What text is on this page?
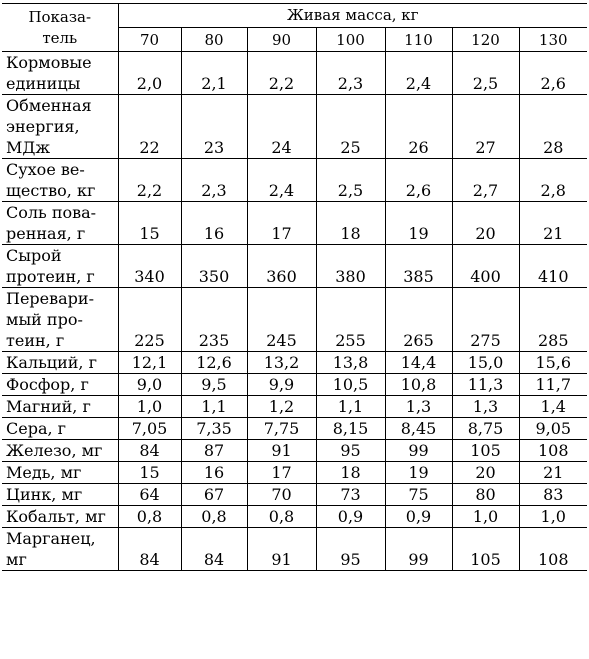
Показа-
тель	Живая масса, кг						
	70	80	90	100	110	120	130

Кормовые
единицы	2,0	2,1	2,2	2,3	2,4	2,5	2,6

Обменная
энергия,
МДж	22	23	24	25	26	27	28

Сухое ве-
щество, кг	2,2	2,3	2,4	2,5	2,6	2,7	2,8

Соль пова-
ренная, г	15	16	17	18	19	20	21

Сырой
протеин, г	340	350	360	380	385	400	410

Перевари-
мый про-
теин, г	225	235	245	255	265	275	285

Кальций, г	12,1	12,6	13,2	13,8	14,4	15,0	15,6

Фосфор, г	9,0	9,5	9,9	10,5	10,8	11,3	11,7

Магний, г	1,0	1,1	1,2	1,1	1,3	1,3	1,4

Сера, г	7,05	7,35	7,75	8,15	8,45	8,75	9,05

Железо, мг	84	87	91	95	99	105	108

Медь, мг	15	16	17	18	19	20	21

Цинк, мг	64	67	70	73	75	80	83

Кобальт, мг	0,8	0,8	0,8	0,9	0,9	1,0	1,0

Марганец,
мг	84	84	91	95	99	105	108
